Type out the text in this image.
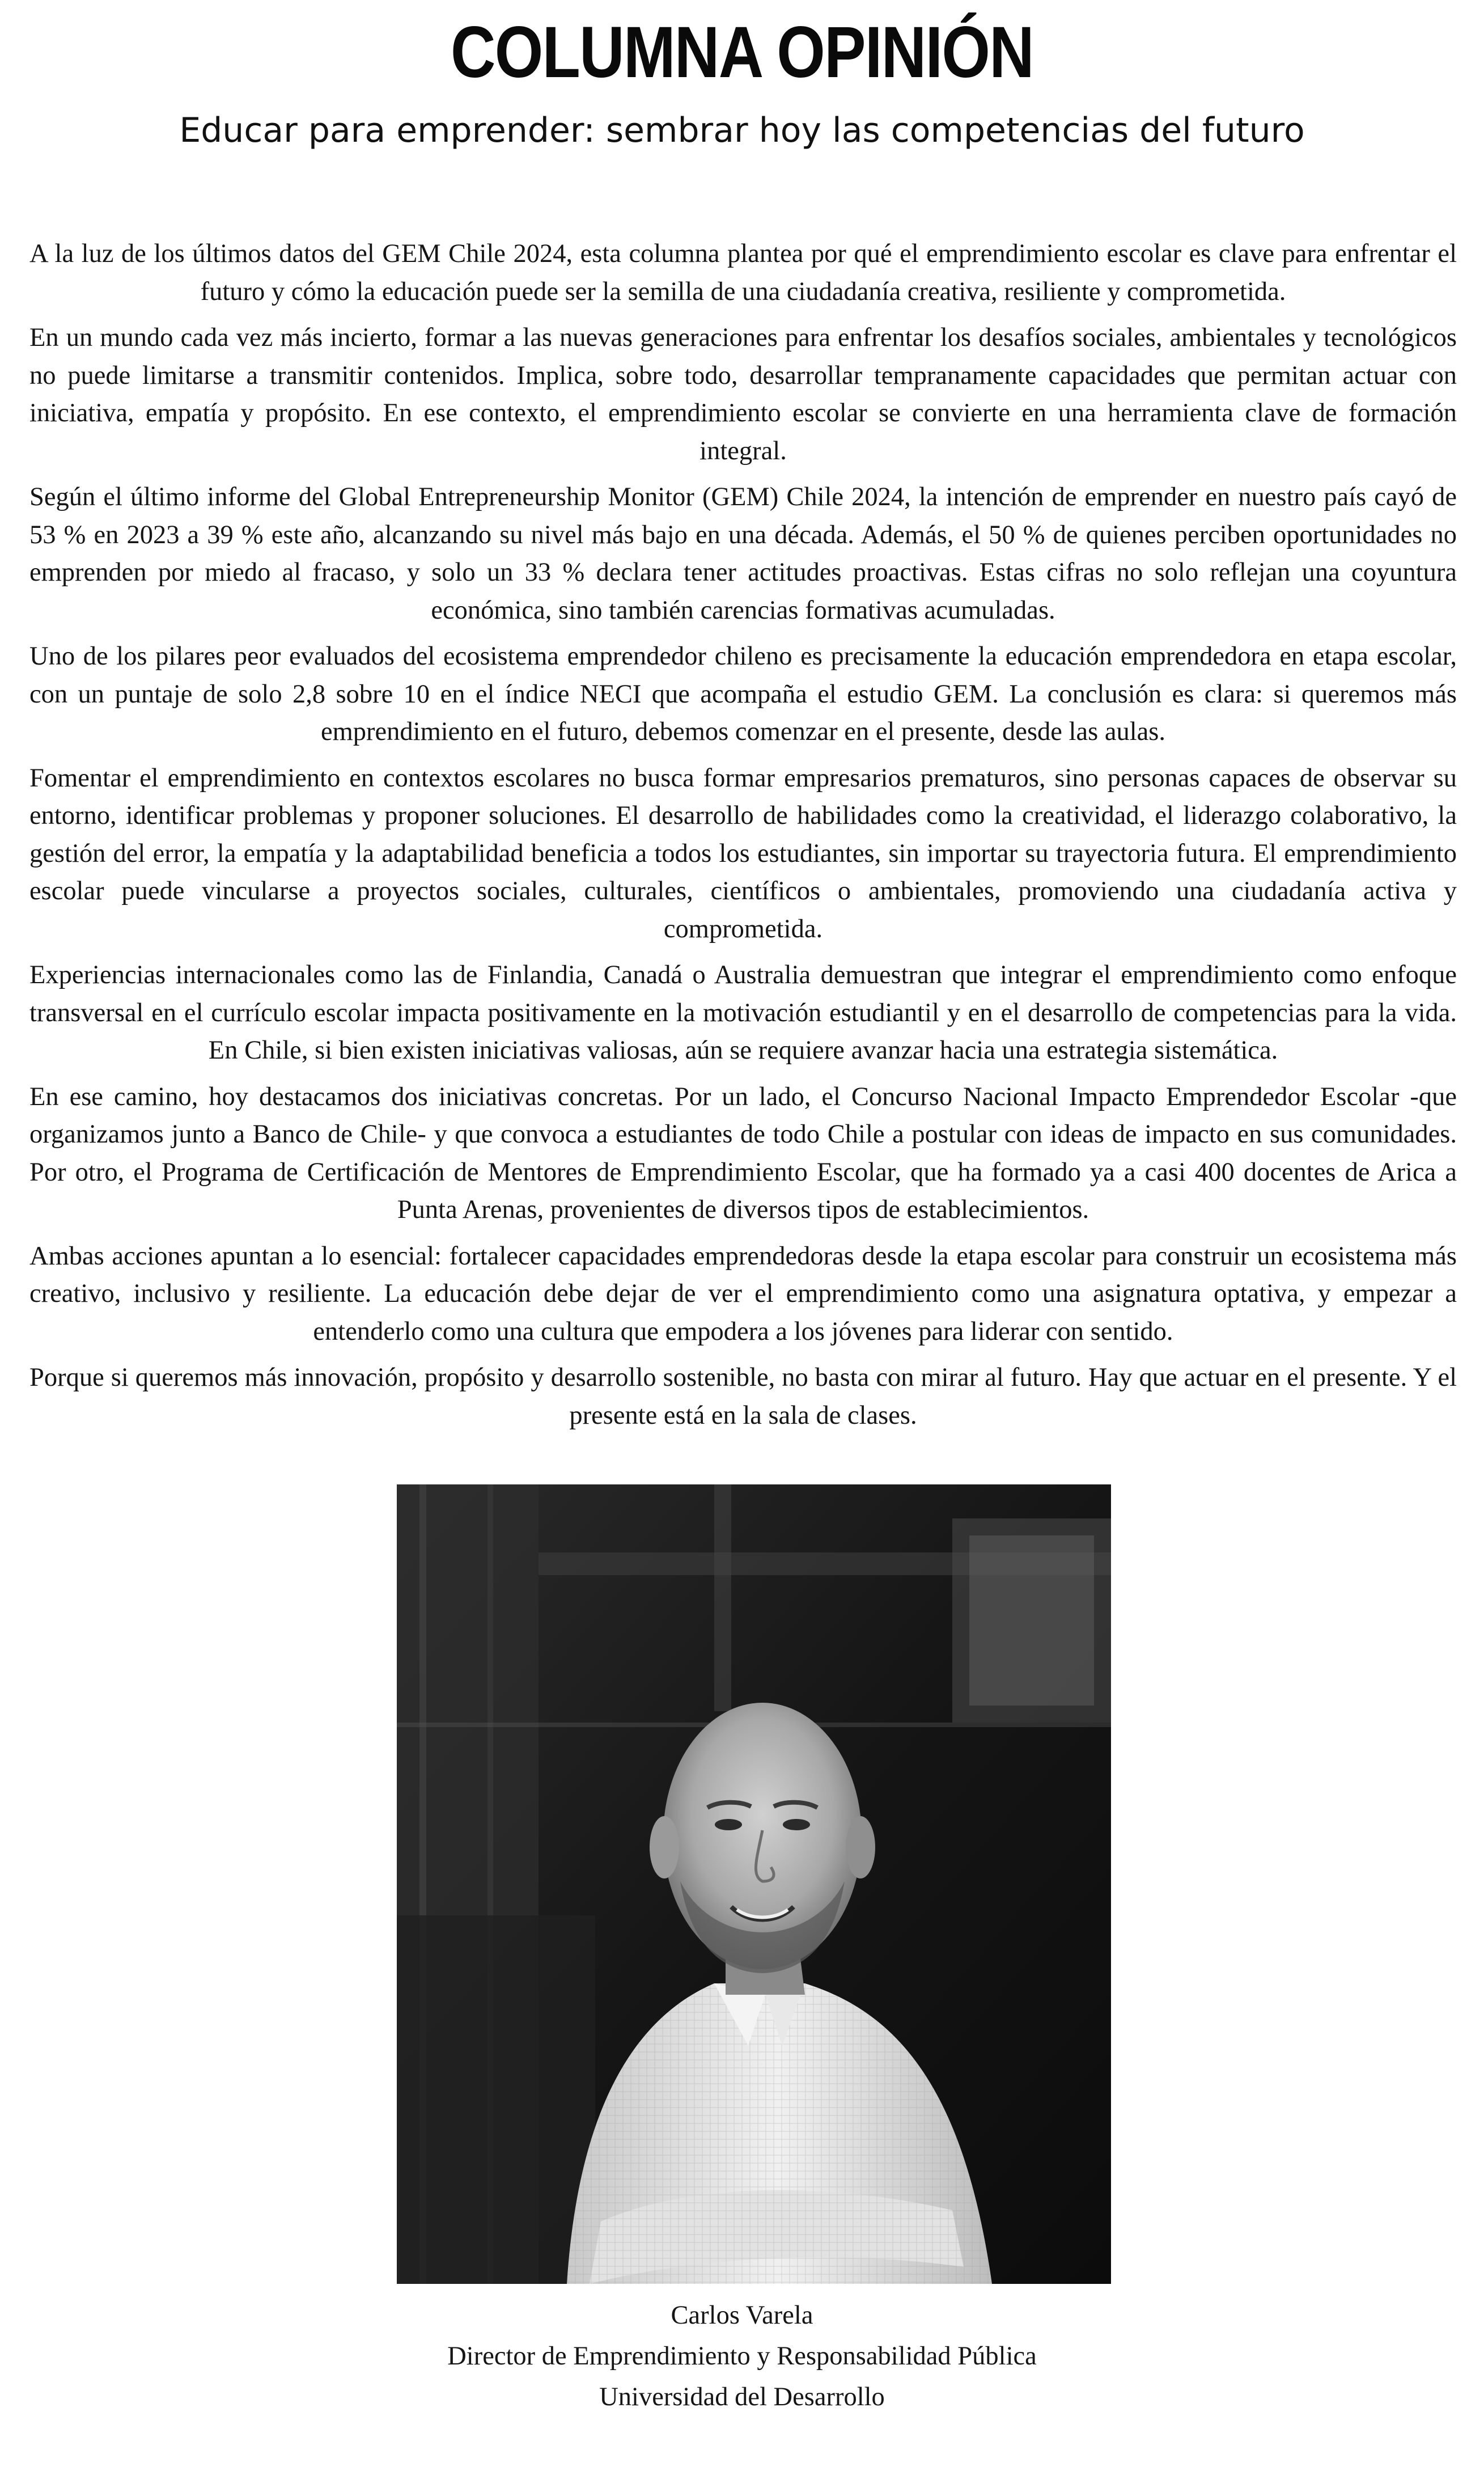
COLUMNA OPINIÓN
Educar para emprender: sembrar hoy las competencias del futuro

A la luz de los últimos datos del GEM Chile 2024, esta columna plantea por qué el emprendimiento escolar es clave para enfrentar el futuro y cómo la educación puede ser la semilla de una ciudadanía creativa, resiliente y comprometida.

En un mundo cada vez más incierto, formar a las nuevas generaciones para enfrentar los desafíos sociales, ambientales y tecnológicos no puede limitarse a transmitir contenidos. Implica, sobre todo, desarrollar tempranamente capacidades que permitan actuar con iniciativa, empatía y propósito. En ese contexto, el emprendimiento escolar se convierte en una herramienta clave de formación integral.

Según el último informe del Global Entrepreneurship Monitor (GEM) Chile 2024, la intención de emprender en nuestro país cayó de 53 % en 2023 a 39 % este año, alcanzando su nivel más bajo en una década. Además, el 50 % de quienes perciben oportunidades no emprenden por miedo al fracaso, y solo un 33 % declara tener actitudes proactivas. Estas cifras no solo reflejan una coyuntura económica, sino también carencias formativas acumuladas.

Uno de los pilares peor evaluados del ecosistema emprendedor chileno es precisamente la educación emprendedora en etapa escolar, con un puntaje de solo 2,8 sobre 10 en el índice NECI que acompaña el estudio GEM. La conclusión es clara: si queremos más emprendimiento en el futuro, debemos comenzar en el presente, desde las aulas.

Fomentar el emprendimiento en contextos escolares no busca formar empresarios prematuros, sino personas capaces de observar su entorno, identificar problemas y proponer soluciones. El desarrollo de habilidades como la creatividad, el liderazgo colaborativo, la gestión del error, la empatía y la adaptabilidad beneficia a todos los estudiantes, sin importar su trayectoria futura. El emprendimiento escolar puede vincularse a proyectos sociales, culturales, científicos o ambientales, promoviendo una ciudadanía activa y comprometida.

Experiencias internacionales como las de Finlandia, Canadá o Australia demuestran que integrar el emprendimiento como enfoque transversal en el currículo escolar impacta positivamente en la motivación estudiantil y en el desarrollo de competencias para la vida. En Chile, si bien existen iniciativas valiosas, aún se requiere avanzar hacia una estrategia sistemática.

En ese camino, hoy destacamos dos iniciativas concretas. Por un lado, el Concurso Nacional Impacto Emprendedor Escolar -que organizamos junto a Banco de Chile- y que convoca a estudiantes de todo Chile a postular con ideas de impacto en sus comunidades. Por otro, el Programa de Certificación de Mentores de Emprendimiento Escolar, que ha formado ya a casi 400 docentes de Arica a Punta Arenas, provenientes de diversos tipos de establecimientos.

Ambas acciones apuntan a lo esencial: fortalecer capacidades emprendedoras desde la etapa escolar para construir un ecosistema más creativo, inclusivo y resiliente. La educación debe dejar de ver el emprendimiento como una asignatura optativa, y empezar a entenderlo como una cultura que empodera a los jóvenes para liderar con sentido.

Porque si queremos más innovación, propósito y desarrollo sostenible, no basta con mirar al futuro. Hay que actuar en el presente. Y el presente está en la sala de clases.

Carlos Varela
Director de Emprendimiento y Responsabilidad Pública
Universidad del Desarrollo
